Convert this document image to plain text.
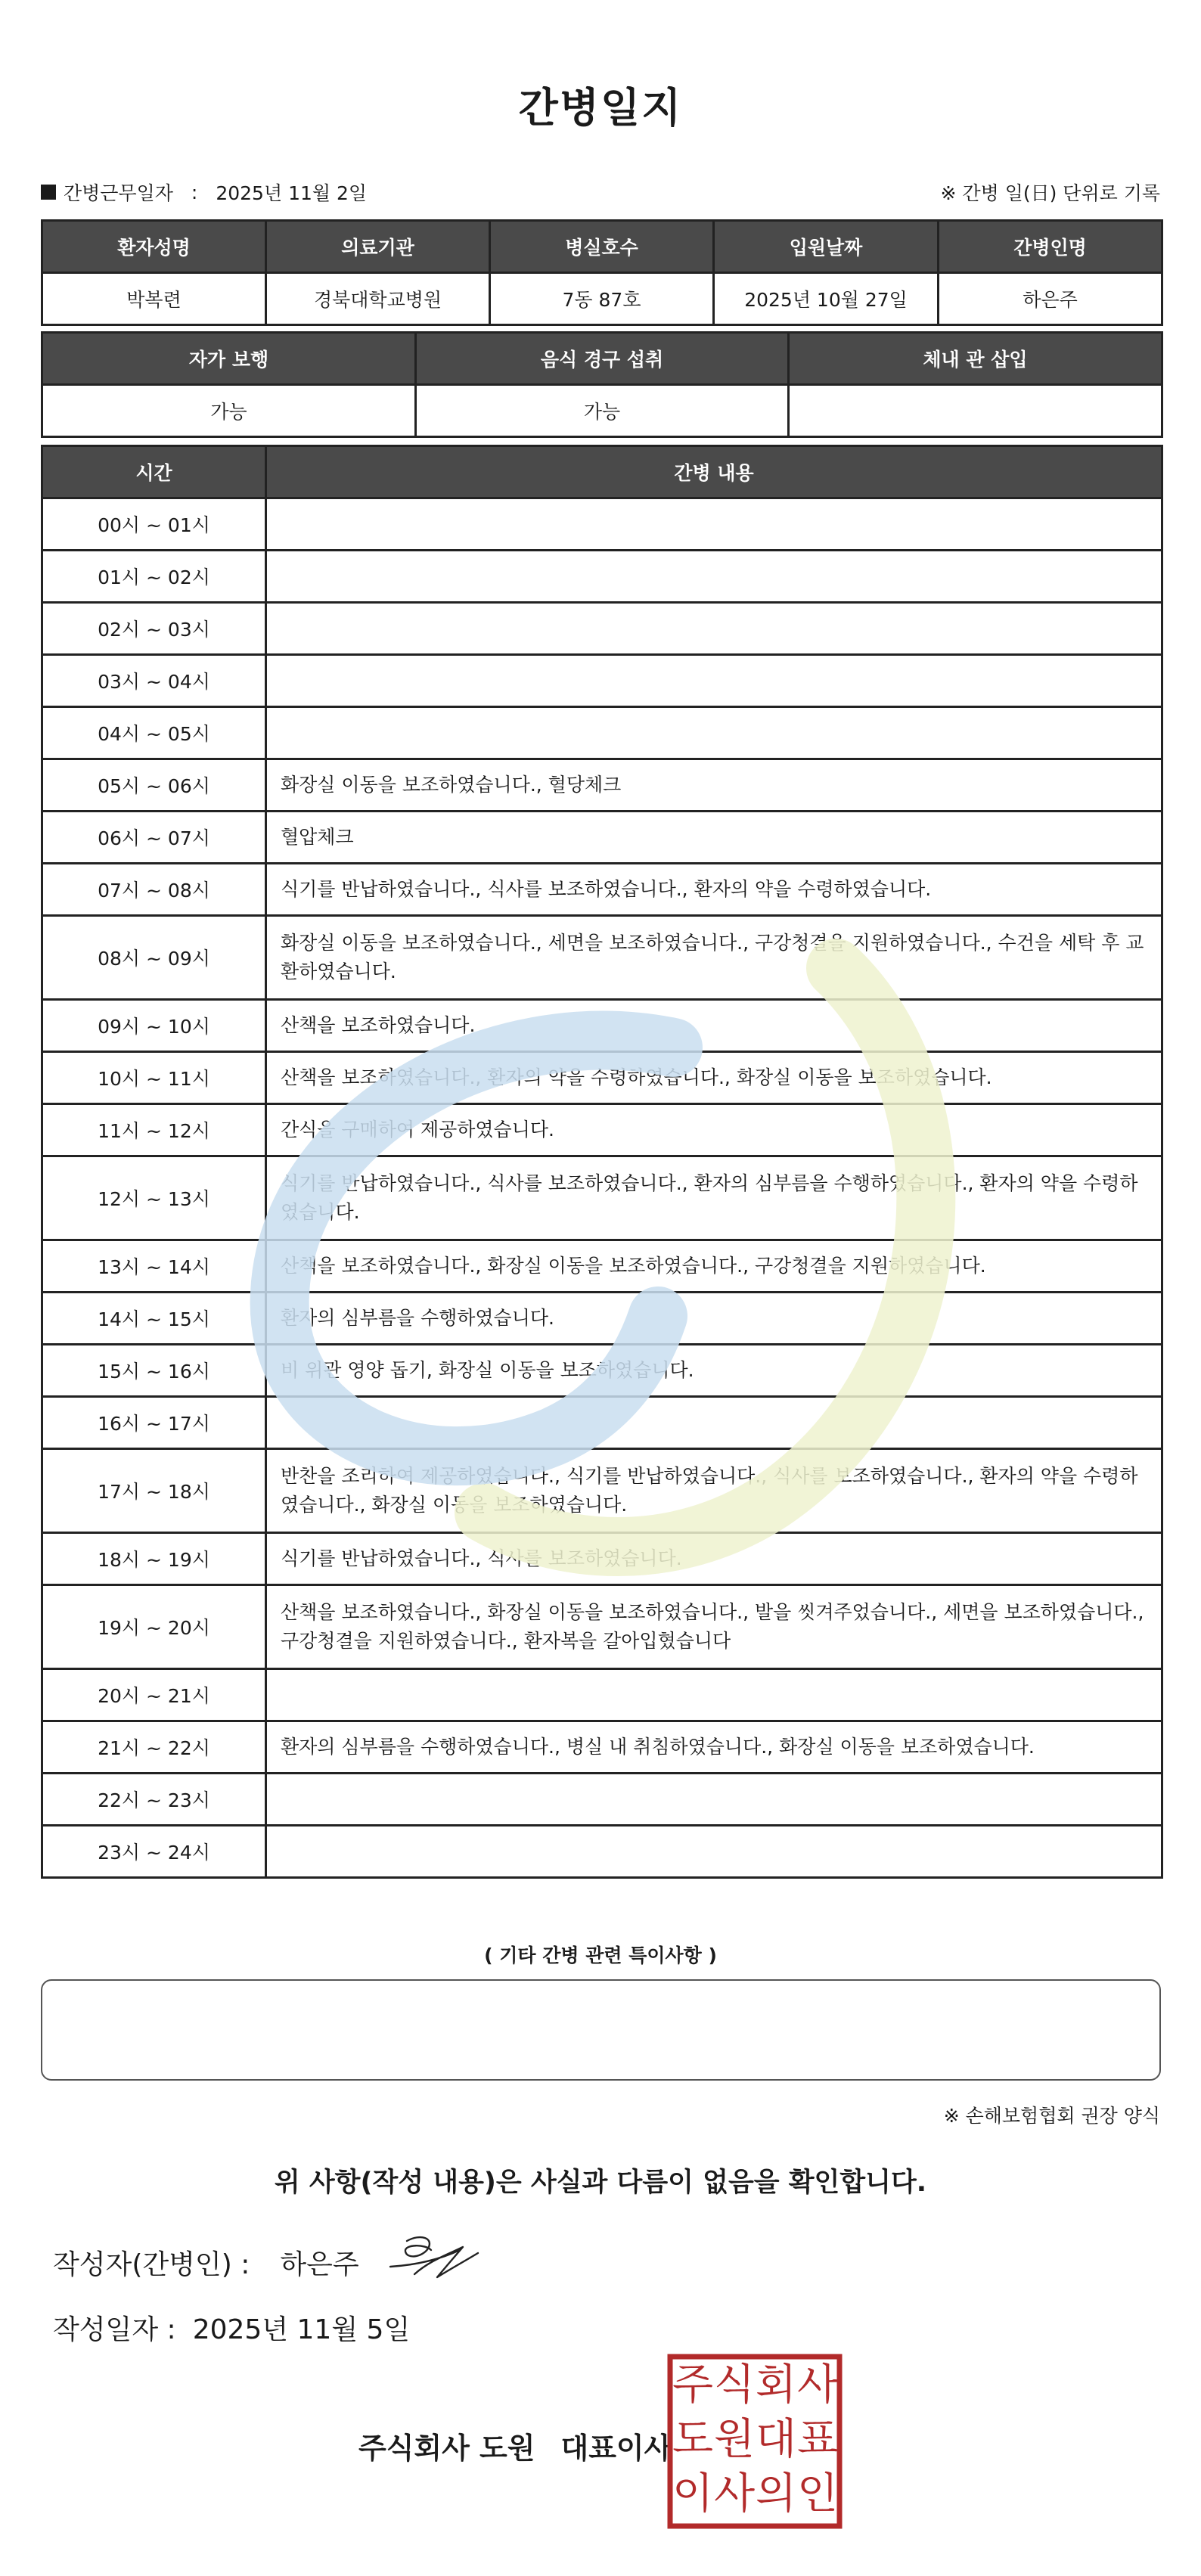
간병일지
간병근무일자 : 2025년 11월 2일	※ 간병 일(日) 단위로 기록
환자성명	의료기관	병실호수	입원날짜	간병인명
박복련	경북대학교병원	7동 87호	2025년 10월 27일	하은주
자가 보행	음식 경구 섭취	체내 관 삽입
가능	가능	
시간	간병 내용
00시 ~ 01시	
01시 ~ 02시	
02시 ~ 03시	
03시 ~ 04시	
04시 ~ 05시	
05시 ~ 06시	화장실 이동을 보조하였습니다., 혈당체크
06시 ~ 07시	혈압체크
07시 ~ 08시	식기를 반납하였습니다., 식사를 보조하였습니다., 환자의 약을 수령하였습니다.
08시 ~ 09시	화장실 이동을 보조하였습니다., 세면을 보조하였습니다., 구강청결을 지원하였습니다., 수건을 세탁 후 교환하였습니다.
09시 ~ 10시	산책을 보조하였습니다.
10시 ~ 11시	산책을 보조하였습니다., 환자의 약을 수령하였습니다., 화장실 이동을 보조하였습니다.
11시 ~ 12시	간식을 구매하여 제공하였습니다.
12시 ~ 13시	식기를 반납하였습니다., 식사를 보조하였습니다., 환자의 심부름을 수행하였습니다., 환자의 약을 수령하였습니다.
13시 ~ 14시	산책을 보조하였습니다., 화장실 이동을 보조하였습니다., 구강청결을 지원하였습니다.
14시 ~ 15시	환자의 심부름을 수행하였습니다.
15시 ~ 16시	비 위관 영양 돕기, 화장실 이동을 보조하였습니다.
16시 ~ 17시	
17시 ~ 18시	반찬을 조리하여 제공하였습니다., 식기를 반납하였습니다., 식사를 보조하였습니다., 환자의 약을 수령하였습니다., 화장실 이동을 보조하였습니다.
18시 ~ 19시	식기를 반납하였습니다., 식사를 보조하였습니다.
19시 ~ 20시	산책을 보조하였습니다., 화장실 이동을 보조하였습니다., 발을 씻겨주었습니다., 세면을 보조하였습니다., 구강청결을 지원하였습니다., 환자복을 갈아입혔습니다
20시 ~ 21시	
21시 ~ 22시	환자의 심부름을 수행하였습니다., 병실 내 취침하였습니다., 화장실 이동을 보조하였습니다.
22시 ~ 23시	
23시 ~ 24시	
( 기타 간병 관련 특이사항 )
※ 손해보험협회 권장 양식
위 사항(작성 내용)은 사실과 다름이 없음을 확인합니다.
작성자(간병인) : 하은주
작성일자 : 2025년 11월 5일
주식회사 도원 대표이사
주 식 회 사
도 원 대 표
이 사 의 인
